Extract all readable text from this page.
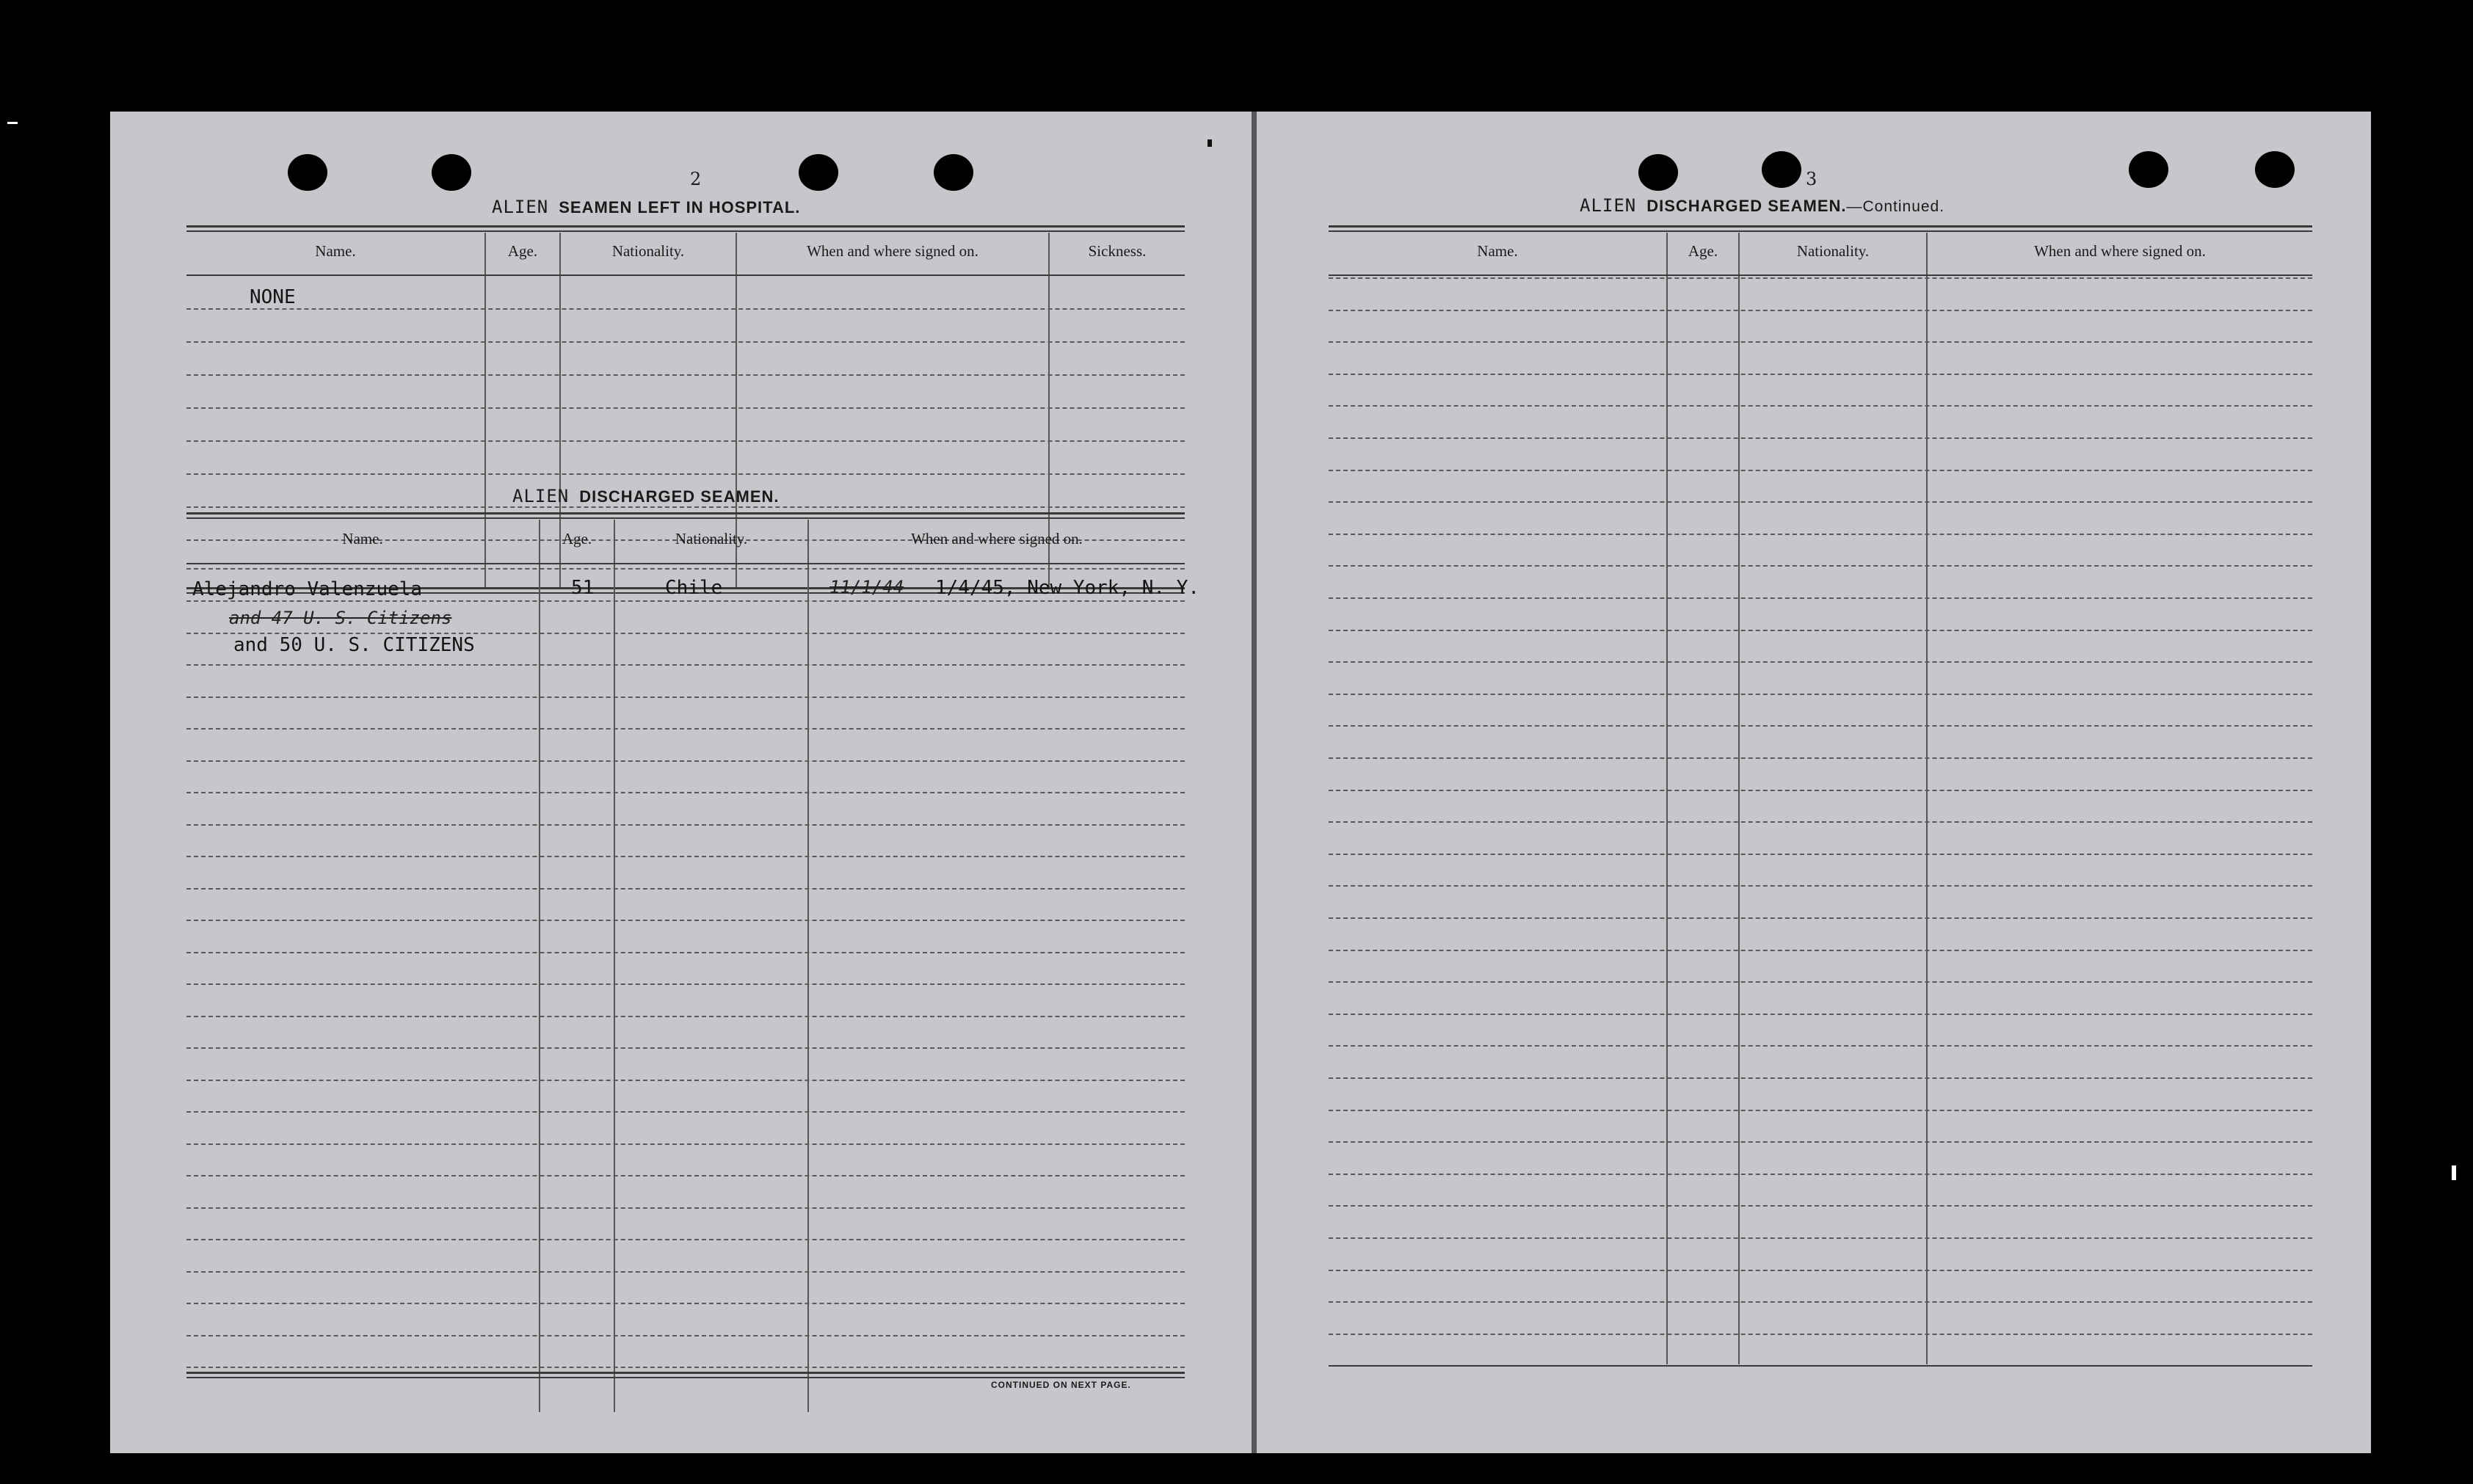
2
ALIEN SEAMEN LEFT IN HOSPITAL.
Name.	Age.	Nationality.	When and where signed on.	Sickness.
NONE
ALIEN DISCHARGED SEAMEN.
Name.	Age.	Nationality.	When and where signed on.
Alejandro Valenzuela	51	Chile	11/1/44 1/4/45, New York, N. Y.
and 47 U. S. Citizens
and 50 U. S. CITIZENS
CONTINUED ON NEXT PAGE.
3
ALIEN DISCHARGED SEAMEN.—Continued.
Name.	Age.	Nationality.	When and where signed on.
